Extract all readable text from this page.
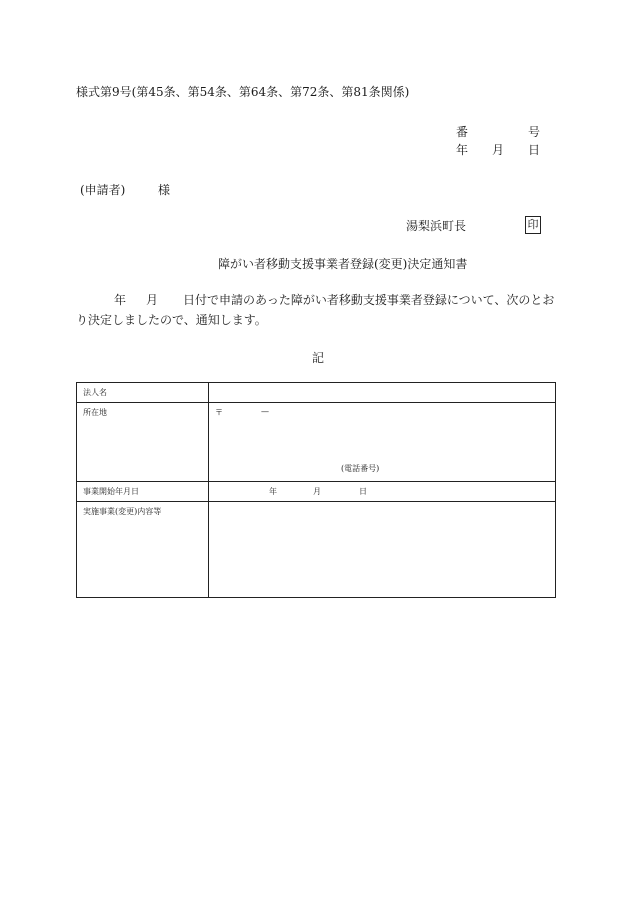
様式第9号(第45条、第54条、第64条、第72条、第81条関係)
番	号
年 月 日
(申請者)	様
湯梨浜町長	印
障がい者移動支援事業者登録(変更)決定通知書
年 月 日付で申請のあった障がい者移動支援事業者登録について、次のとお
り決定しましたので、通知します。
記
法人名	
所在地	〒 —
(電話番号)

事業開始年月日	年 月 日

実施事業(変更)内容等	
